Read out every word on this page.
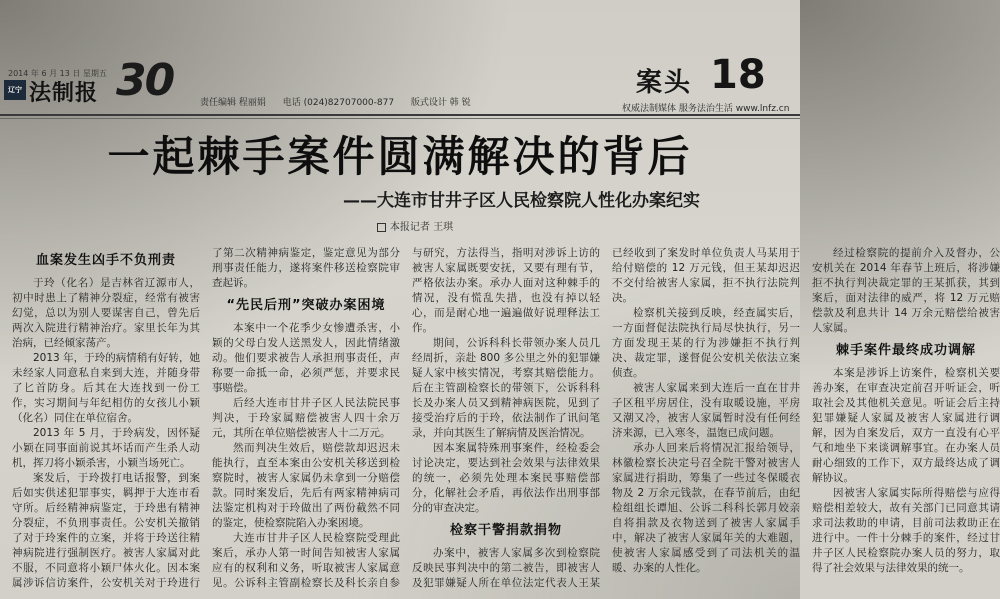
2014 年 6 月 13 日 星期五
辽宁 法制报 30	责任编辑 程丽娟 电话 (024)82707000-877 版式设计 韩 锐
案头 18
权威法制媒体 服务法治生活 www.lnfz.cn
一起棘手案件圆满解决的背后
——大连市甘井子区人民检察院人性化办案纪实
本报记者 王琪
血案发生凶手不负刑责

于玲（化名）是吉林省辽源市人，初中时患上了精神分裂症，经常有被害幻觉，总以为别人要谋害自己，曾先后两次入院进行精神治疗。家里长年为其治病，已经倾家荡产。

2013 年，于玲的病情稍有好转，她未经家人同意私自来到大连，并随身带了匕首防身。后其在大连找到一份工作，实习期间与年纪相仿的女孩儿小颖（化名）同住在单位宿舍。

2013 年 5 月，于玲病发，因怀疑小颖在同事面前说其坏话而产生杀人动机，挥刀将小颖杀害，小颖当场死亡。

案发后，于玲拨打电话报警，到案后如实供述犯罪事实，羁押于大连市看守所。后经精神病鉴定，于玲患有精神分裂症，不负刑事责任。公安机关撤销了对于玲案件的立案，并将于玲送往精神病院进行强制医疗。被害人家属对此不服，不同意将小颖尸体火化。因本案属涉诉信访案件，公安机关对于玲进行了第二次精神病鉴定，鉴定意见为部分刑事责任能力，遂将案件移送检察院审查起诉。

“先民后刑”突破办案困境

本案中一个花季少女惨遭杀害，小颖的父母白发人送黑发人，因此情绪激动。他们要求被告人承担刑事责任，声称要一命抵一命，必须严惩，并要求民事赔偿。

后经大连市甘井子区人民法院民事判决，于玲家属赔偿被害人四十余万元，其所在单位赔偿被害人十二万元。

然而判决生效后，赔偿款却迟迟未能执行，直至本案由公安机关移送到检察院时，被害人家属仍未拿到一分赔偿款。同时案发后，先后有两家精神病司法鉴定机构对于玲做出了两份截然不同的鉴定，使检察院陷入办案困境。

大连市甘井子区人民检察院受理此案后，承办人第一时间告知被害人家属应有的权利和义务，听取被害人家属意见。公诉科主管副检察长及科长亲自参与研究，方法得当，指明对涉诉上访的被害人家属既要安抚，又要有理有节，严格依法办案。承办人面对这种棘手的情况，没有慌乱失措，也没有掉以轻心，而是耐心地一遍遍做好说理释法工作。

期间，公诉科科长带领办案人员几经周折，亲赴 800 多公里之外的犯罪嫌疑人家中核实情况，考察其赔偿能力。后在主管副检察长的带领下，公诉科科长及办案人员又到精神病医院，见到了接受治疗后的于玲，依法制作了讯问笔录，并向其医生了解病情及医治情况。

因本案属特殊刑事案件，经检委会讨论决定，要达到社会效果与法律效果的统一，必须先处理本案民事赔偿部分，化解社会矛盾，再依法作出刑事部分的审查决定。

检察干警捐款捐物

办案中，被害人家属多次到检察院反映民事判决中的第二被告，即被害人及犯罪嫌疑人所在单位法定代表人王某已经收到了案发时单位负责人马某用于给付赔偿的 12 万元钱，但王某却迟迟不交付给被害人家属，拒不执行法院判决。

检察机关接到反映，经查属实后，一方面督促法院执行局尽快执行，另一方面发现王某的行为涉嫌拒不执行判决、裁定罪，遂督促公安机关依法立案侦查。

被害人家属来到大连后一直在甘井子区租平房居住，没有取暖设施，平房又潮又冷，被害人家属暂时没有任何经济来源，已入寒冬，温饱已成问题。

承办人回来后将情况汇报给领导，林徽检察长决定号召全院干警对被害人家属进行捐助，筹集了一些过冬保暖衣物及 2 万余元钱款，在春节前后，由纪检组组长谭旭、公诉二科科长郭月姣亲自将捐款及衣物送到了被害人家属手中，解决了被害人家属年关的大难题，使被害人家属感受到了司法机关的温暖、办案的人性化。

经过检察院的提前介入及督办，公安机关在 2014 年春节上班后，将涉嫌拒不执行判决裁定罪的王某抓获，其到案后，面对法律的威严，将 12 万元赔偿款及利息共计 14 万余元赔偿给被害人家属。

棘手案件最终成功调解

本案是涉诉上访案件，检察机关要善办案，在审查决定前召开听证会，听取社会及其他机关意见。听证会后主持犯罪嫌疑人家属及被害人家属进行调解，因为自案发后，双方一直没有心平气和地坐下来谈调解事宜。在办案人员耐心细致的工作下，双方最终达成了调解协议。

因被害人家属实际所得赔偿与应得赔偿相差较大，故有关部门已同意其请求司法救助的申请，目前司法救助正在进行中。一件十分棘手的案件，经过甘井子区人民检察院办案人员的努力，取得了社会效果与法律效果的统一。
